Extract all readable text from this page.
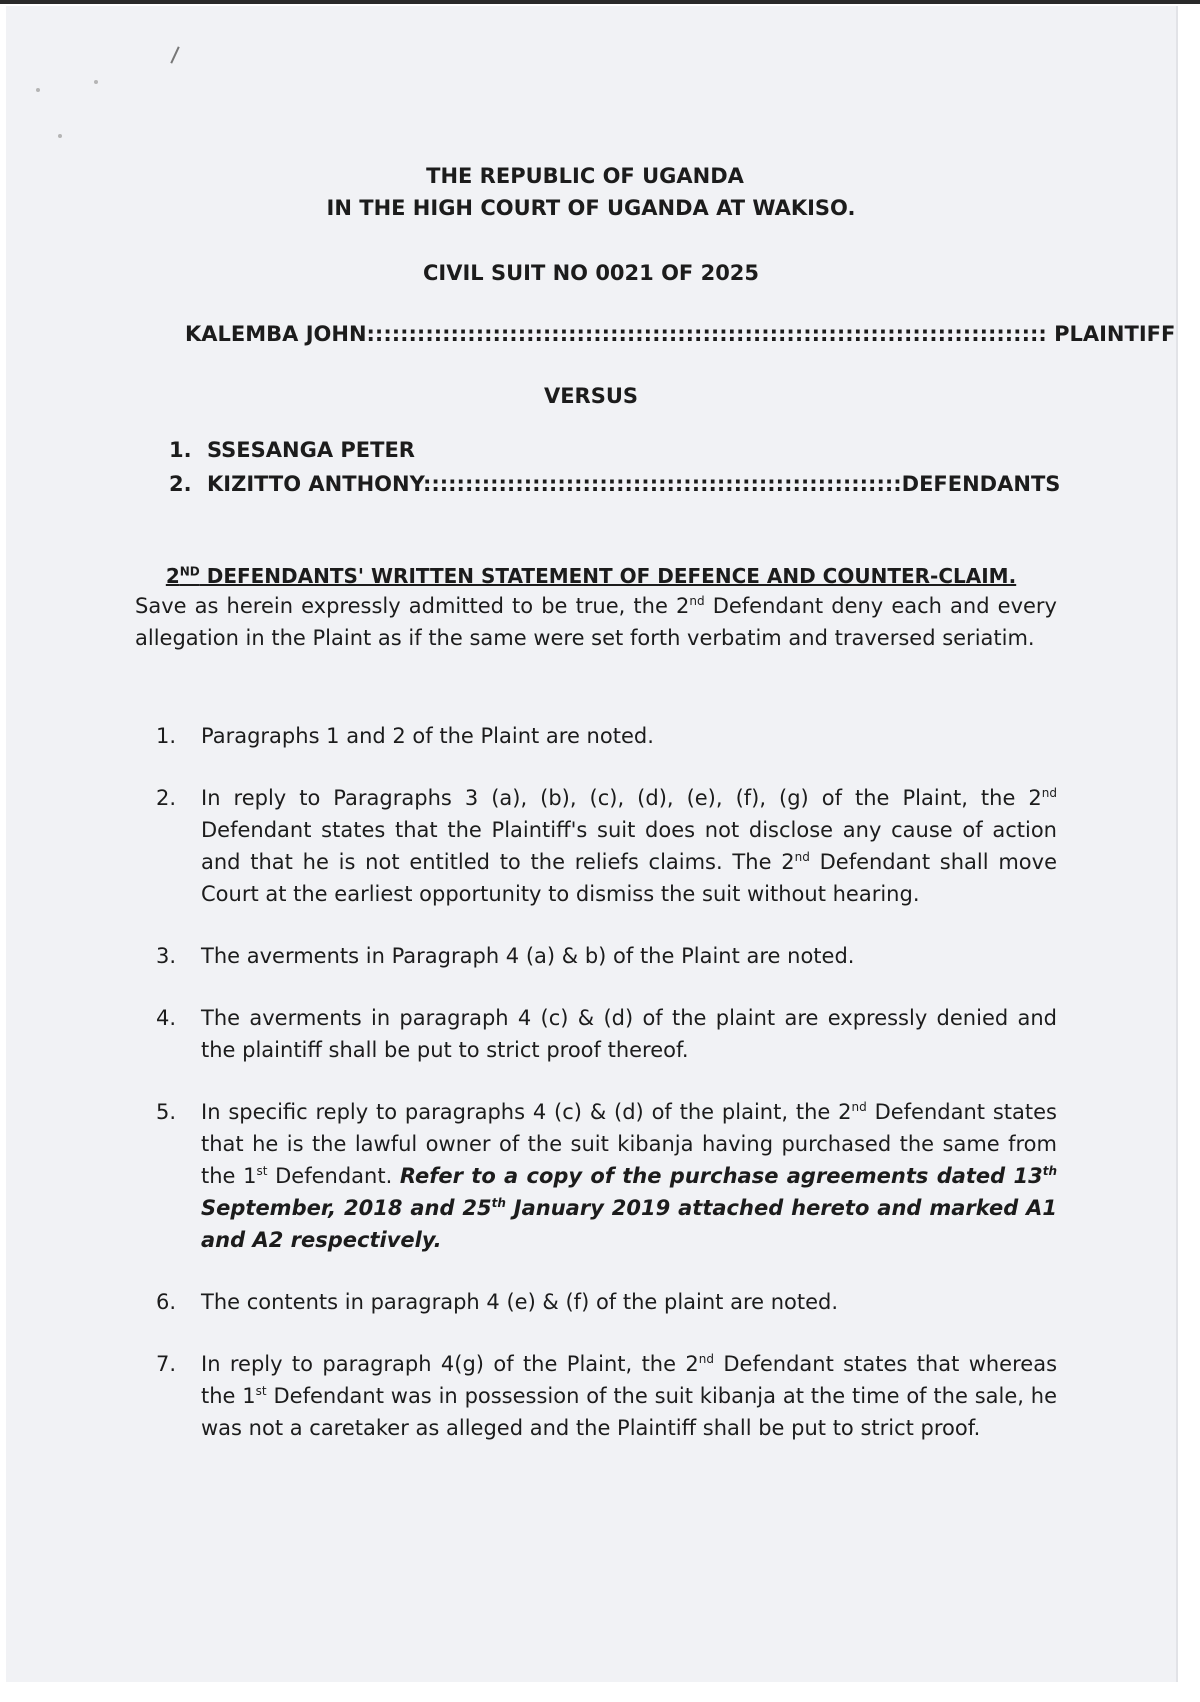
THE REPUBLIC OF UGANDA
IN THE HIGH COURT OF UGANDA AT WAKISO.
CIVIL SUIT NO 0021 OF 2025
KALEMBA JOHN::::::::::::::::::::::::::::::::::::::::::::::::::::::::::::::::::::::::::::::::: PLAINTIFF
VERSUS
1. SSESANGA PETER
2. KIZITTO ANTHONY:::::::::::::::::::::::::::::::::::::::::::::::::::::::::DEFENDANTS
2ND DEFENDANTS' WRITTEN STATEMENT OF DEFENCE AND COUNTER-CLAIM.

Save as herein expressly admitted to be true, the 2nd Defendant deny each and every allegation in the Plaint as if the same were set forth verbatim and traversed seriatim.

1.	Paragraphs 1 and 2 of the Plaint are noted.
2.	In reply to Paragraphs 3 (a), (b), (c), (d), (e), (f), (g) of the Plaint, the 2nd Defendant states that the Plaintiff's suit does not disclose any cause of action and that he is not entitled to the reliefs claims. The 2nd Defendant shall move Court at the earliest opportunity to dismiss the suit without hearing.
3.	The averments in Paragraph 4 (a) & b) of the Plaint are noted.
4.	The averments in paragraph 4 (c) & (d) of the plaint are expressly denied and the plaintiff shall be put to strict proof thereof.
5.	In specific reply to paragraphs 4 (c) & (d) of the plaint, the 2nd Defendant states that he is the lawful owner of the suit kibanja having purchased the same from the 1st Defendant. Refer to a copy of the purchase agreements dated 13th September, 2018 and 25th January 2019 attached hereto and marked A1 and A2 respectively.
6.	The contents in paragraph 4 (e) & (f) of the plaint are noted.
7.	In reply to paragraph 4(g) of the Plaint, the 2nd Defendant states that whereas the 1st Defendant was in possession of the suit kibanja at the time of the sale, he was not a caretaker as alleged and the Plaintiff shall be put to strict proof.
